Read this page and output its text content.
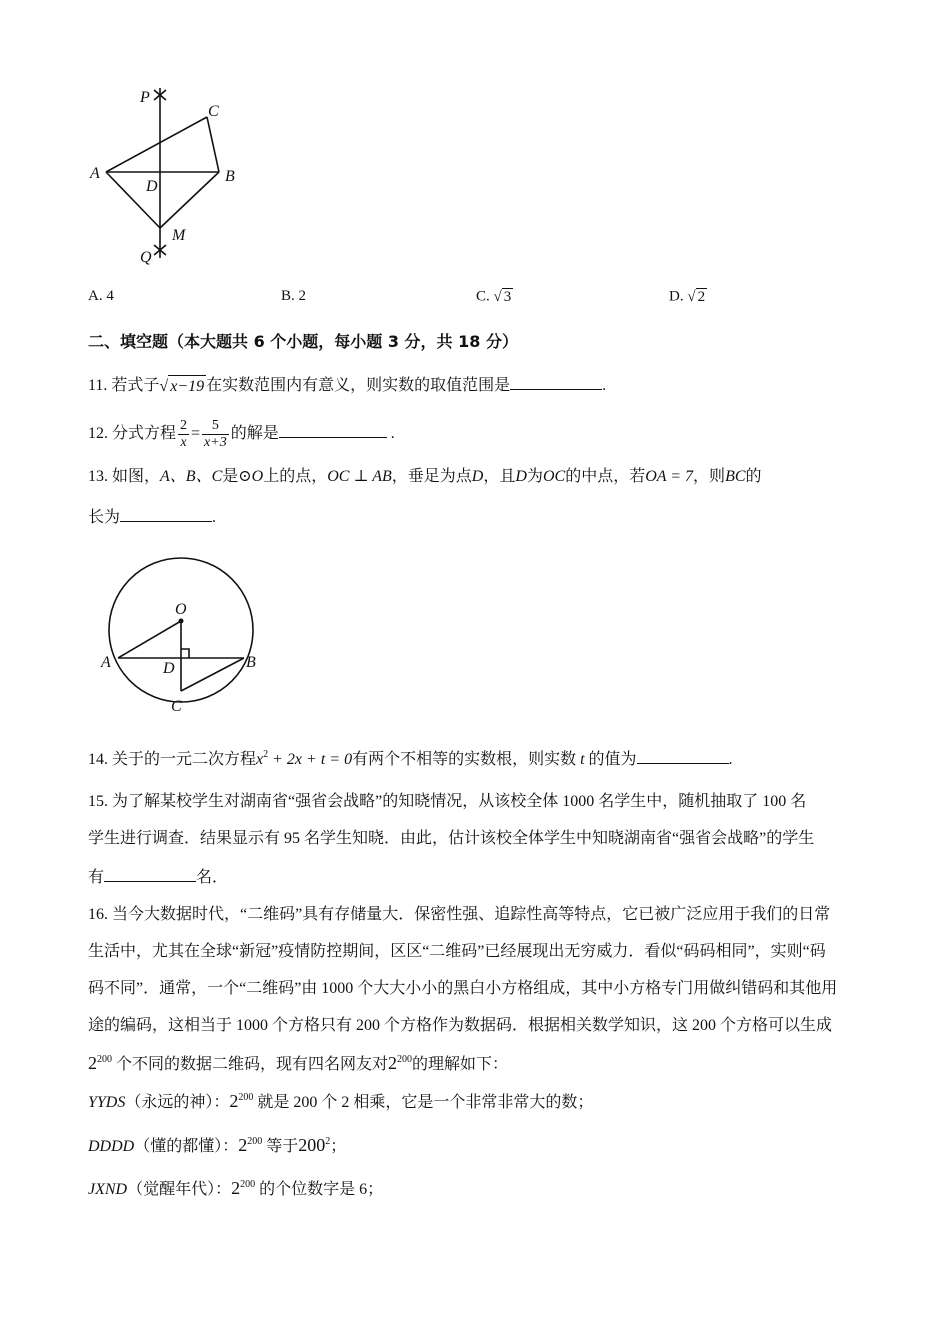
P
C
A	B
D
M
Q
A. 4	B. 2	C. √ 3	D. √ 2
二、填空题（本大题共 6 个小题，每小题 3 分，共 18 分）
11. 若式子√ x−19 在实数范围内有意义，则实数的取值范围是	.
12. 分式方程 $\frac{2}{x} = \frac{5}{x+3}$ 的解是	.
13. 如图，A、B、C是⊙O上的点，OC ⊥ AB，垂足为点D，且D为OC的中点，若OA = 7，则BC的
长为	.
O
A	D	B
C
14. 关于的一元二次方程$x^2 + 2x + t = 0$有两个不相等的实数根，则实数 t 的值为	.
15. 为了解某校学生对湖南省“强省会战略”的知晓情况，从该校全体 1000 名学生中，随机抽取了 100 名
学生进行调查．结果显示有 95 名学生知晓．由此，估计该校全体学生中知晓湖南省“强省会战略”的学生
有	名．
16. 当今大数据时代，“二维码”具有存储量大．保密性强、追踪性高等特点，它已被广泛应用于我们的日常
生活中，尤其在全球“新冠”疫情防控期间，区区“二维码”已经展现出无穷威力．看似“码码相同”，实则“码
码不同”．通常，一个“二维码”由 1000 个大大小小的黑白小方格组成，其中小方格专门用做纠错码和其他用
途的编码，这相当于 1000 个方格只有 200 个方格作为数据码．根据相关数学知识，这 200 个方格可以生成
$2^{200}$ 个不同的数据二维码，现有四名网友对$2^{200}$的理解如下：
YYDS（永远的神）：$2^{200}$ 就是 200 个 2 相乘，它是一个非常非常大的数；
DDDD（懂的都懂）：$2^{200}$ 等于$200^2$；
JXND（觉醒年代）：$2^{200}$ 的个位数字是 6；
